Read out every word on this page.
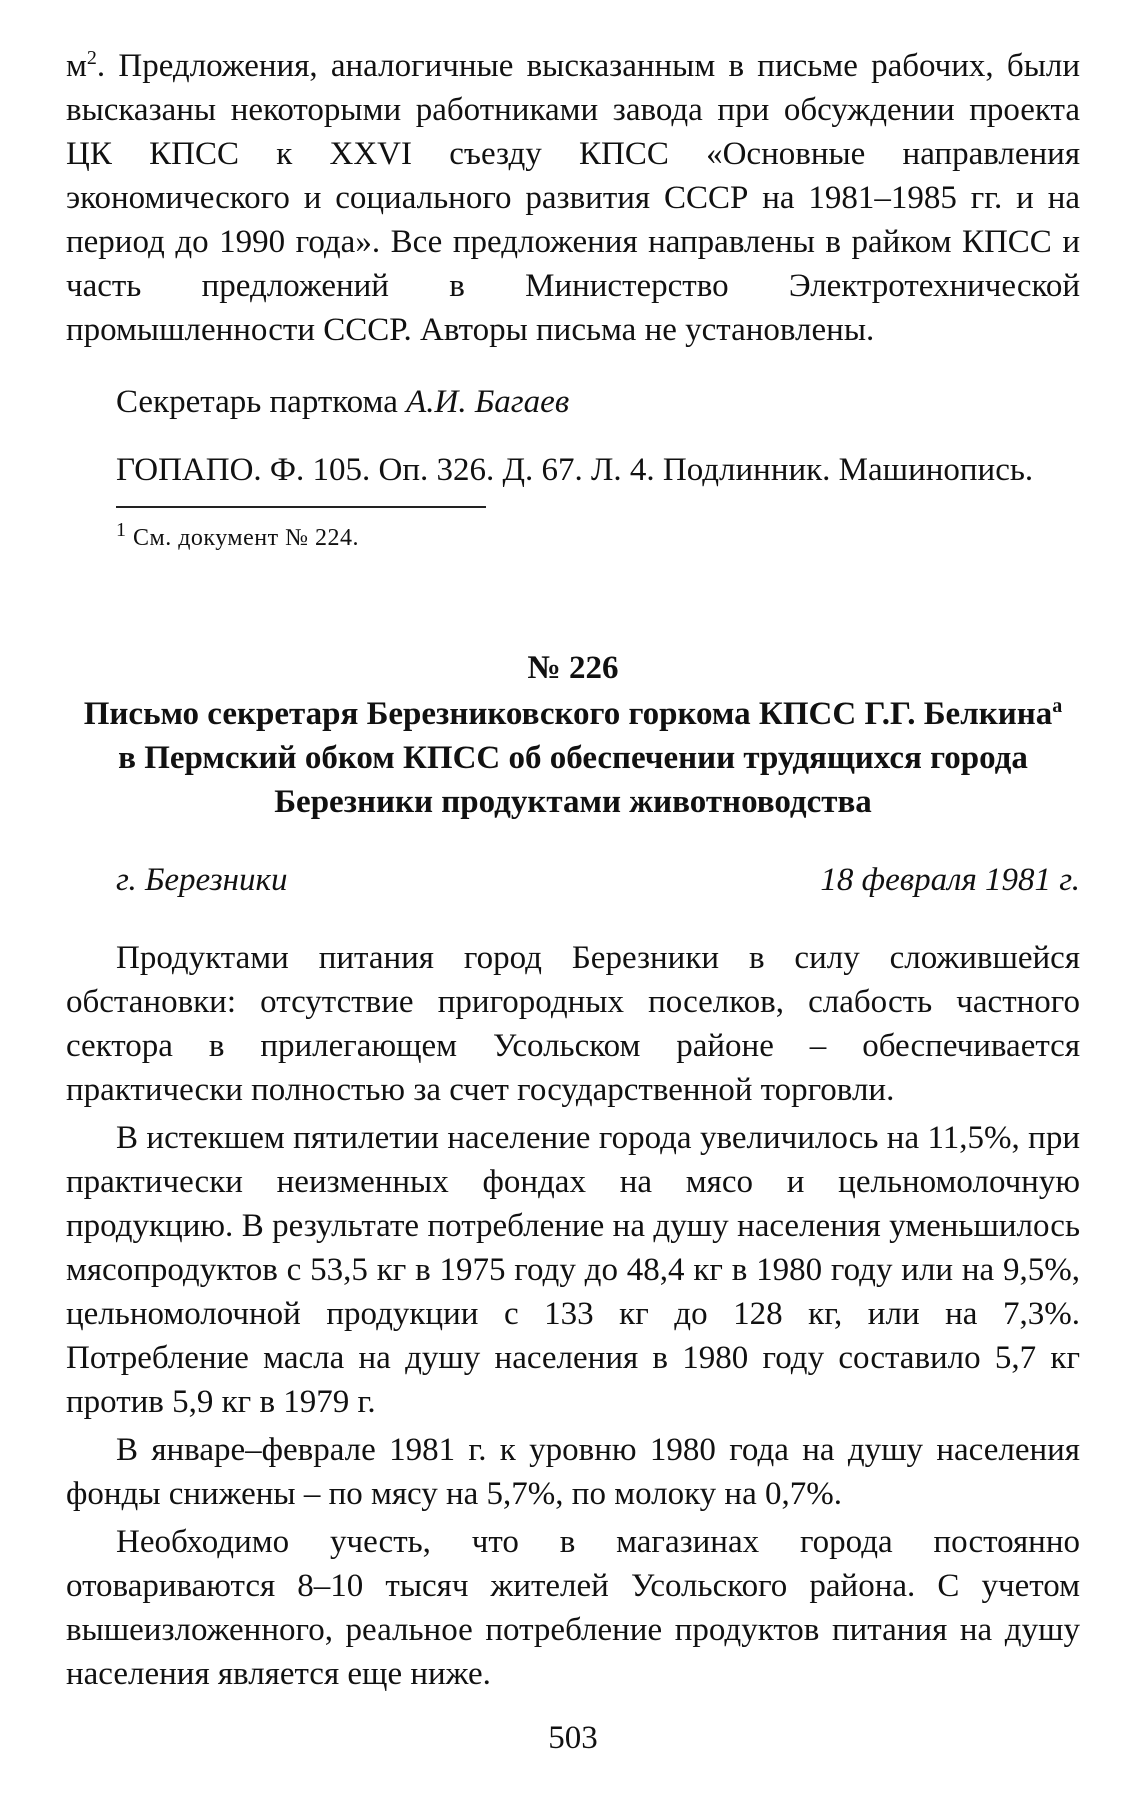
м$^2$. Предложения, аналогичные высказанным в письме рабочих, были высказаны некоторыми работниками завода при обсуждении проекта ЦК КПСС к XXVI съезду КПСС «Основные направления экономического и социального развития СССР на 1981–1985 гг. и на период до 1990 года». Все предложения направлены в райком КПСС и часть предложений в Министерство Электротехнической промышленности СССР. Авторы письма не установлены.

Секретарь парткома А.И. Багаев
ГОПАПО. Ф. 105. Оп. 326. Д. 67. Л. 4. Подлинник. Машинопись.
$^1$ См. документ № 224.
№ 226
Письмо секретаря Березниковского горкома КПСС Г.Г. Белкина$^а$
в Пермский обком КПСС об обеспечении трудящихся города
Березники продуктами животноводства
г. Березники	18 февраля 1981 г.

Продуктами питания город Березники в силу сложившейся обстановки: отсутствие пригородных поселков, слабость частного сектора в прилегающем Усольском районе – обеспечивается практически полностью за счет государственной торговли.

В истекшем пятилетии население города увеличилось на 11,5%, при практически неизменных фондах на мясо и цельномолочную продукцию. В результате потребление на душу населения уменьшилось мясопродуктов с 53,5 кг в 1975 году до 48,4 кг в 1980 году или на 9,5%, цельномолочной продукции с 133 кг до 128 кг, или на 7,3%. Потребление масла на душу населения в 1980 году составило 5,7 кг против 5,9 кг в 1979 г.

В январе–феврале 1981 г. к уровню 1980 года на душу населения фонды снижены – по мясу на 5,7%, по молоку на 0,7%.

Необходимо учесть, что в магазинах города постоянно отовариваются 8–10 тысяч жителей Усольского района. С учетом вышеизложенного, реальное потребление продуктов питания на душу населения является еще ниже.

503
